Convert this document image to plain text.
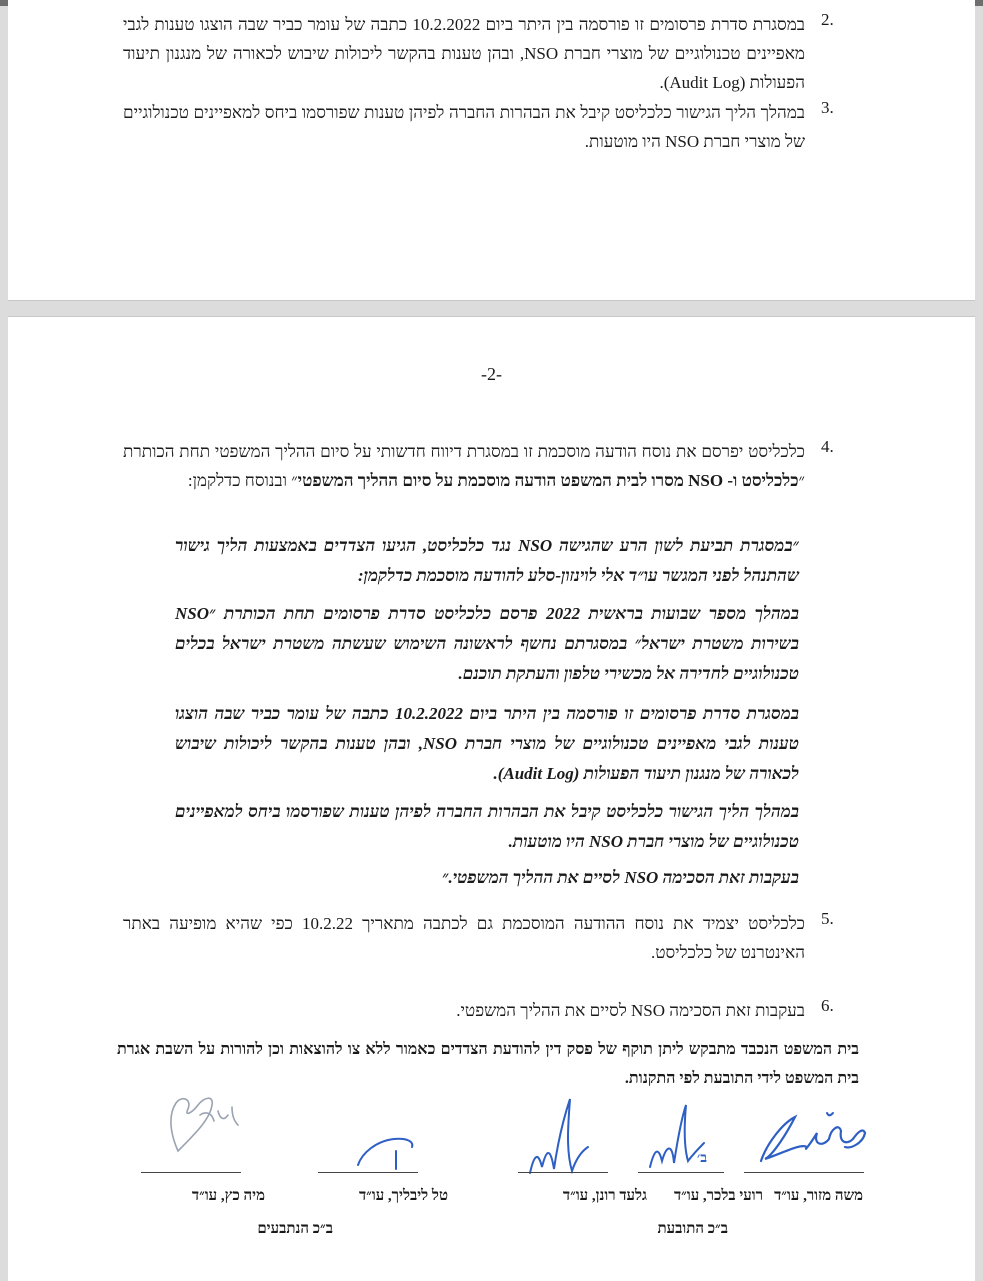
2.
במסגרת סדרת פרסומים זו פורסמה בין היתר ביום 10.2.2022 כתבה של עומר כביר שבה הוצגו טענות לגבי מאפיינים טכנולוגיים של מוצרי חברת NSO, ובהן טענות בהקשר ליכולות שיבוש לכאורה של מנגנון תיעוד הפעולות (Audit Log).
3.
במהלך הליך הגישור כלכליסט קיבל את הבהרות החברה לפיהן טענות שפורסמו ביחס למאפיינים טכנולוגיים של מוצרי חברת NSO היו מוטעות.
-2-
4.
כלכליסט יפרסם את נוסח הודעה מוסכמת זו במסגרת דיווח חדשותי על סיום ההליך המשפטי תחת הכותרת ״כלכליסט ו- NSO מסרו לבית המשפט הודעה מוסכמת על סיום ההליך המשפטי״ ובנוסח כדלקמן:
״במסגרת תביעת לשון הרע שהגישה NSO נגד כלכליסט, הגיעו הצדדים באמצעות הליך גישור שהתנהל לפני המגשר עו״ד אלי לוינזון-סלע להודעה מוסכמת כדלקמן:
במהלך מספר שבועות בראשית 2022 פרסם כלכליסט סדרת פרסומים תחת הכותרת ״NSO בשירות משטרת ישראל״ במסגרתם נחשף לראשונה השימוש שעשתה משטרת ישראל בכלים טכנולוגיים לחדירה אל מכשירי טלפון והעתקת תוכנם.
במסגרת סדרת פרסומים זו פורסמה בין היתר ביום 10.2.2022 כתבה של עומר כביר שבה הוצגו טענות לגבי מאפיינים טכנולוגיים של מוצרי חברת NSO, ובהן טענות בהקשר ליכולות שיבוש לכאורה של מנגנון תיעוד הפעולות (Audit Log).
במהלך הליך הגישור כלכליסט קיבל את הבהרות החברה לפיהן טענות שפורסמו ביחס למאפיינים טכנולוגיים של מוצרי חברת NSO היו מוטעות.
בעקבות זאת הסכימה NSO לסיים את ההליך המשפטי.״
5.
כלכליסט יצמיד את נוסח ההודעה המוסכמת גם לכתבה מתאריך 10.2.22 כפי שהיא מופיעה באתר האינטרנט של כלכליסט.
6.
בעקבות זאת הסכימה NSO לסיים את ההליך המשפטי.
בית המשפט הנכבד מתבקש ליתן תוקף של פסק דין להודעת הצדדים כאמור ללא צו להוצאות וכן להורות על השבת אגרת בית המשפט לידי התובעת לפי התקנות.
ב׳
משה מזור, עו״ד
רועי בלכר, עו״ד
גלעד רונן, עו״ד
טל ליבליך, עו״ד
מיה כץ, עו״ד
ב״כ התובעת
ב״כ הנתבעים
